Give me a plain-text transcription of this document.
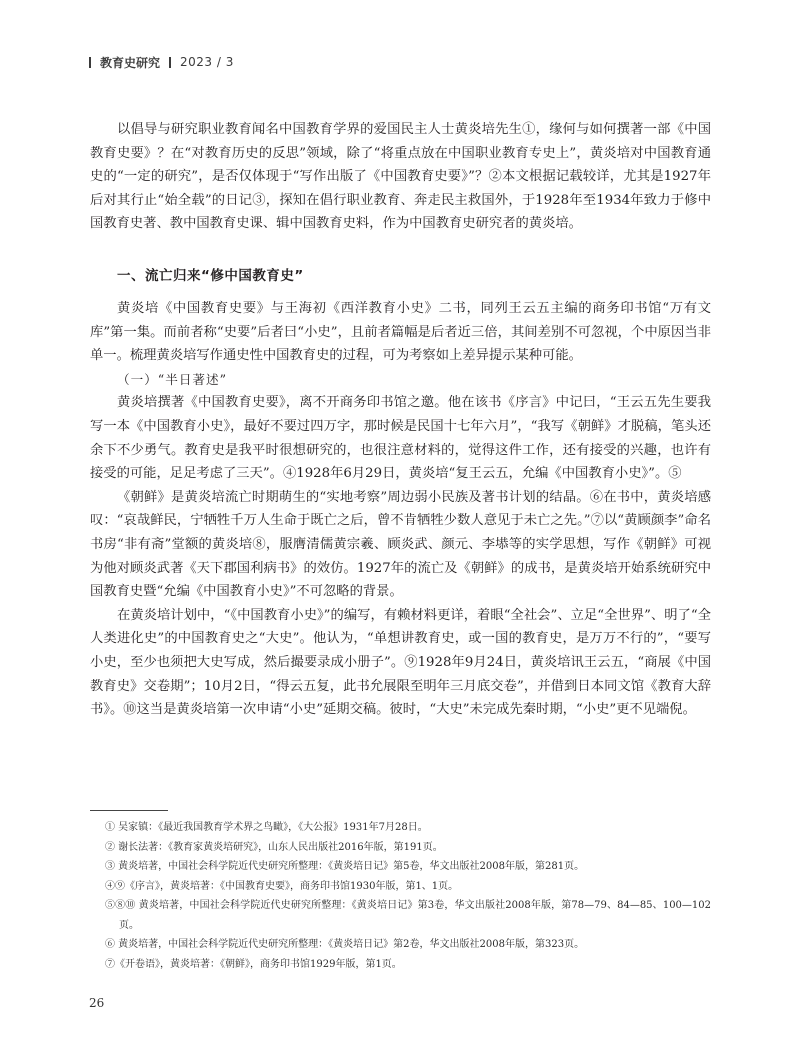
教育史研究 2023 / 3

以倡导与研究职业教育闻名中国教育学界的爱国民主人士黄炎培先生①，缘何与如何撰著一部《中国教育史要》？在“对教育历史的反思”领域，除了“将重点放在中国职业教育专史上”，黄炎培对中国教育通史的“一定的研究”，是否仅体现于“写作出版了《中国教育史要》”？②本文根据记载较详，尤其是1927年后对其行止“始全载”的日记③，探知在倡行职业教育、奔走民主救国外，于1928年至1934年致力于修中国教育史著、教中国教育史课、辑中国教育史料，作为中国教育史研究者的黄炎培。

一、流亡归来“修中国教育史”

黄炎培《中国教育史要》与王海初《西洋教育小史》二书，同列王云五主编的商务印书馆“万有文库”第一集。而前者称“史要”后者曰“小史”，且前者篇幅是后者近三倍，其间差别不可忽视，个中原因当非单一。梳理黄炎培写作通史性中国教育史的过程，可为考察如上差异提示某种可能。

（一）“半日著述”

黄炎培撰著《中国教育史要》，离不开商务印书馆之邀。他在该书《序言》中记曰，“王云五先生要我写一本《中国教育小史》，最好不要过四万字，那时候是民国十七年六月”，“我写《朝鲜》才脱稿，笔头还余下不少勇气。教育史是我平时很想研究的，也很注意材料的，觉得这件工作，还有接受的兴趣，也许有接受的可能，足足考虑了三天”。④1928年6月29日，黄炎培“复王云五，允编《中国教育小史》”。⑤

《朝鲜》是黄炎培流亡时期萌生的“实地考察”周边弱小民族及著书计划的结晶。⑥在书中，黄炎培感叹：“哀哉鲜民，宁牺牲千万人生命于既亡之后，曾不肯牺牲少数人意见于未亡之先。”⑦以“黄顾颜李”命名书房“非有斋”堂额的黄炎培⑧，服膺清儒黄宗羲、顾炎武、颜元、李塨等的实学思想，写作《朝鲜》可视为他对顾炎武著《天下郡国利病书》的效仿。1927年的流亡及《朝鲜》的成书，是黄炎培开始系统研究中国教育史暨“允编《中国教育小史》”不可忽略的背景。

在黄炎培计划中，“《中国教育小史》”的编写，有赖材料更详，着眼“全社会”、立足“全世界”、明了“全人类进化史”的中国教育史之“大史”。他认为，“单想讲教育史，或一国的教育史，是万万不行的”，“要写小史，至少也须把大史写成，然后撮要录成小册子”。⑨1928年9月24日，黄炎培讯王云五，“商展《中国教育史》交卷期”；10月2日，“得云五复，此书允展限至明年三月底交卷”，并借到日本同文馆《教育大辞书》。⑩这当是黄炎培第一次申请“小史”延期交稿。彼时，“大史”未完成先秦时期，“小史”更不见端倪。

① 吴家镇：《最近我国教育学术界之鸟瞰》，《大公报》1931年7月28日。

② 谢长法著：《教育家黄炎培研究》，山东人民出版社2016年版，第191页。

③ 黄炎培著，中国社会科学院近代史研究所整理：《黄炎培日记》第5卷，华文出版社2008年版，第281页。

④⑨《序言》，黄炎培著：《中国教育史要》，商务印书馆1930年版，第1、1页。

⑤⑧⑩ 黄炎培著，中国社会科学院近代史研究所整理：《黄炎培日记》第3卷，华文出版社2008年版，第78—79、84—85、100—102页。

⑥ 黄炎培著，中国社会科学院近代史研究所整理：《黄炎培日记》第2卷，华文出版社2008年版，第323页。

⑦《开卷语》，黄炎培著：《朝鲜》，商务印书馆1929年版，第1页。

26
